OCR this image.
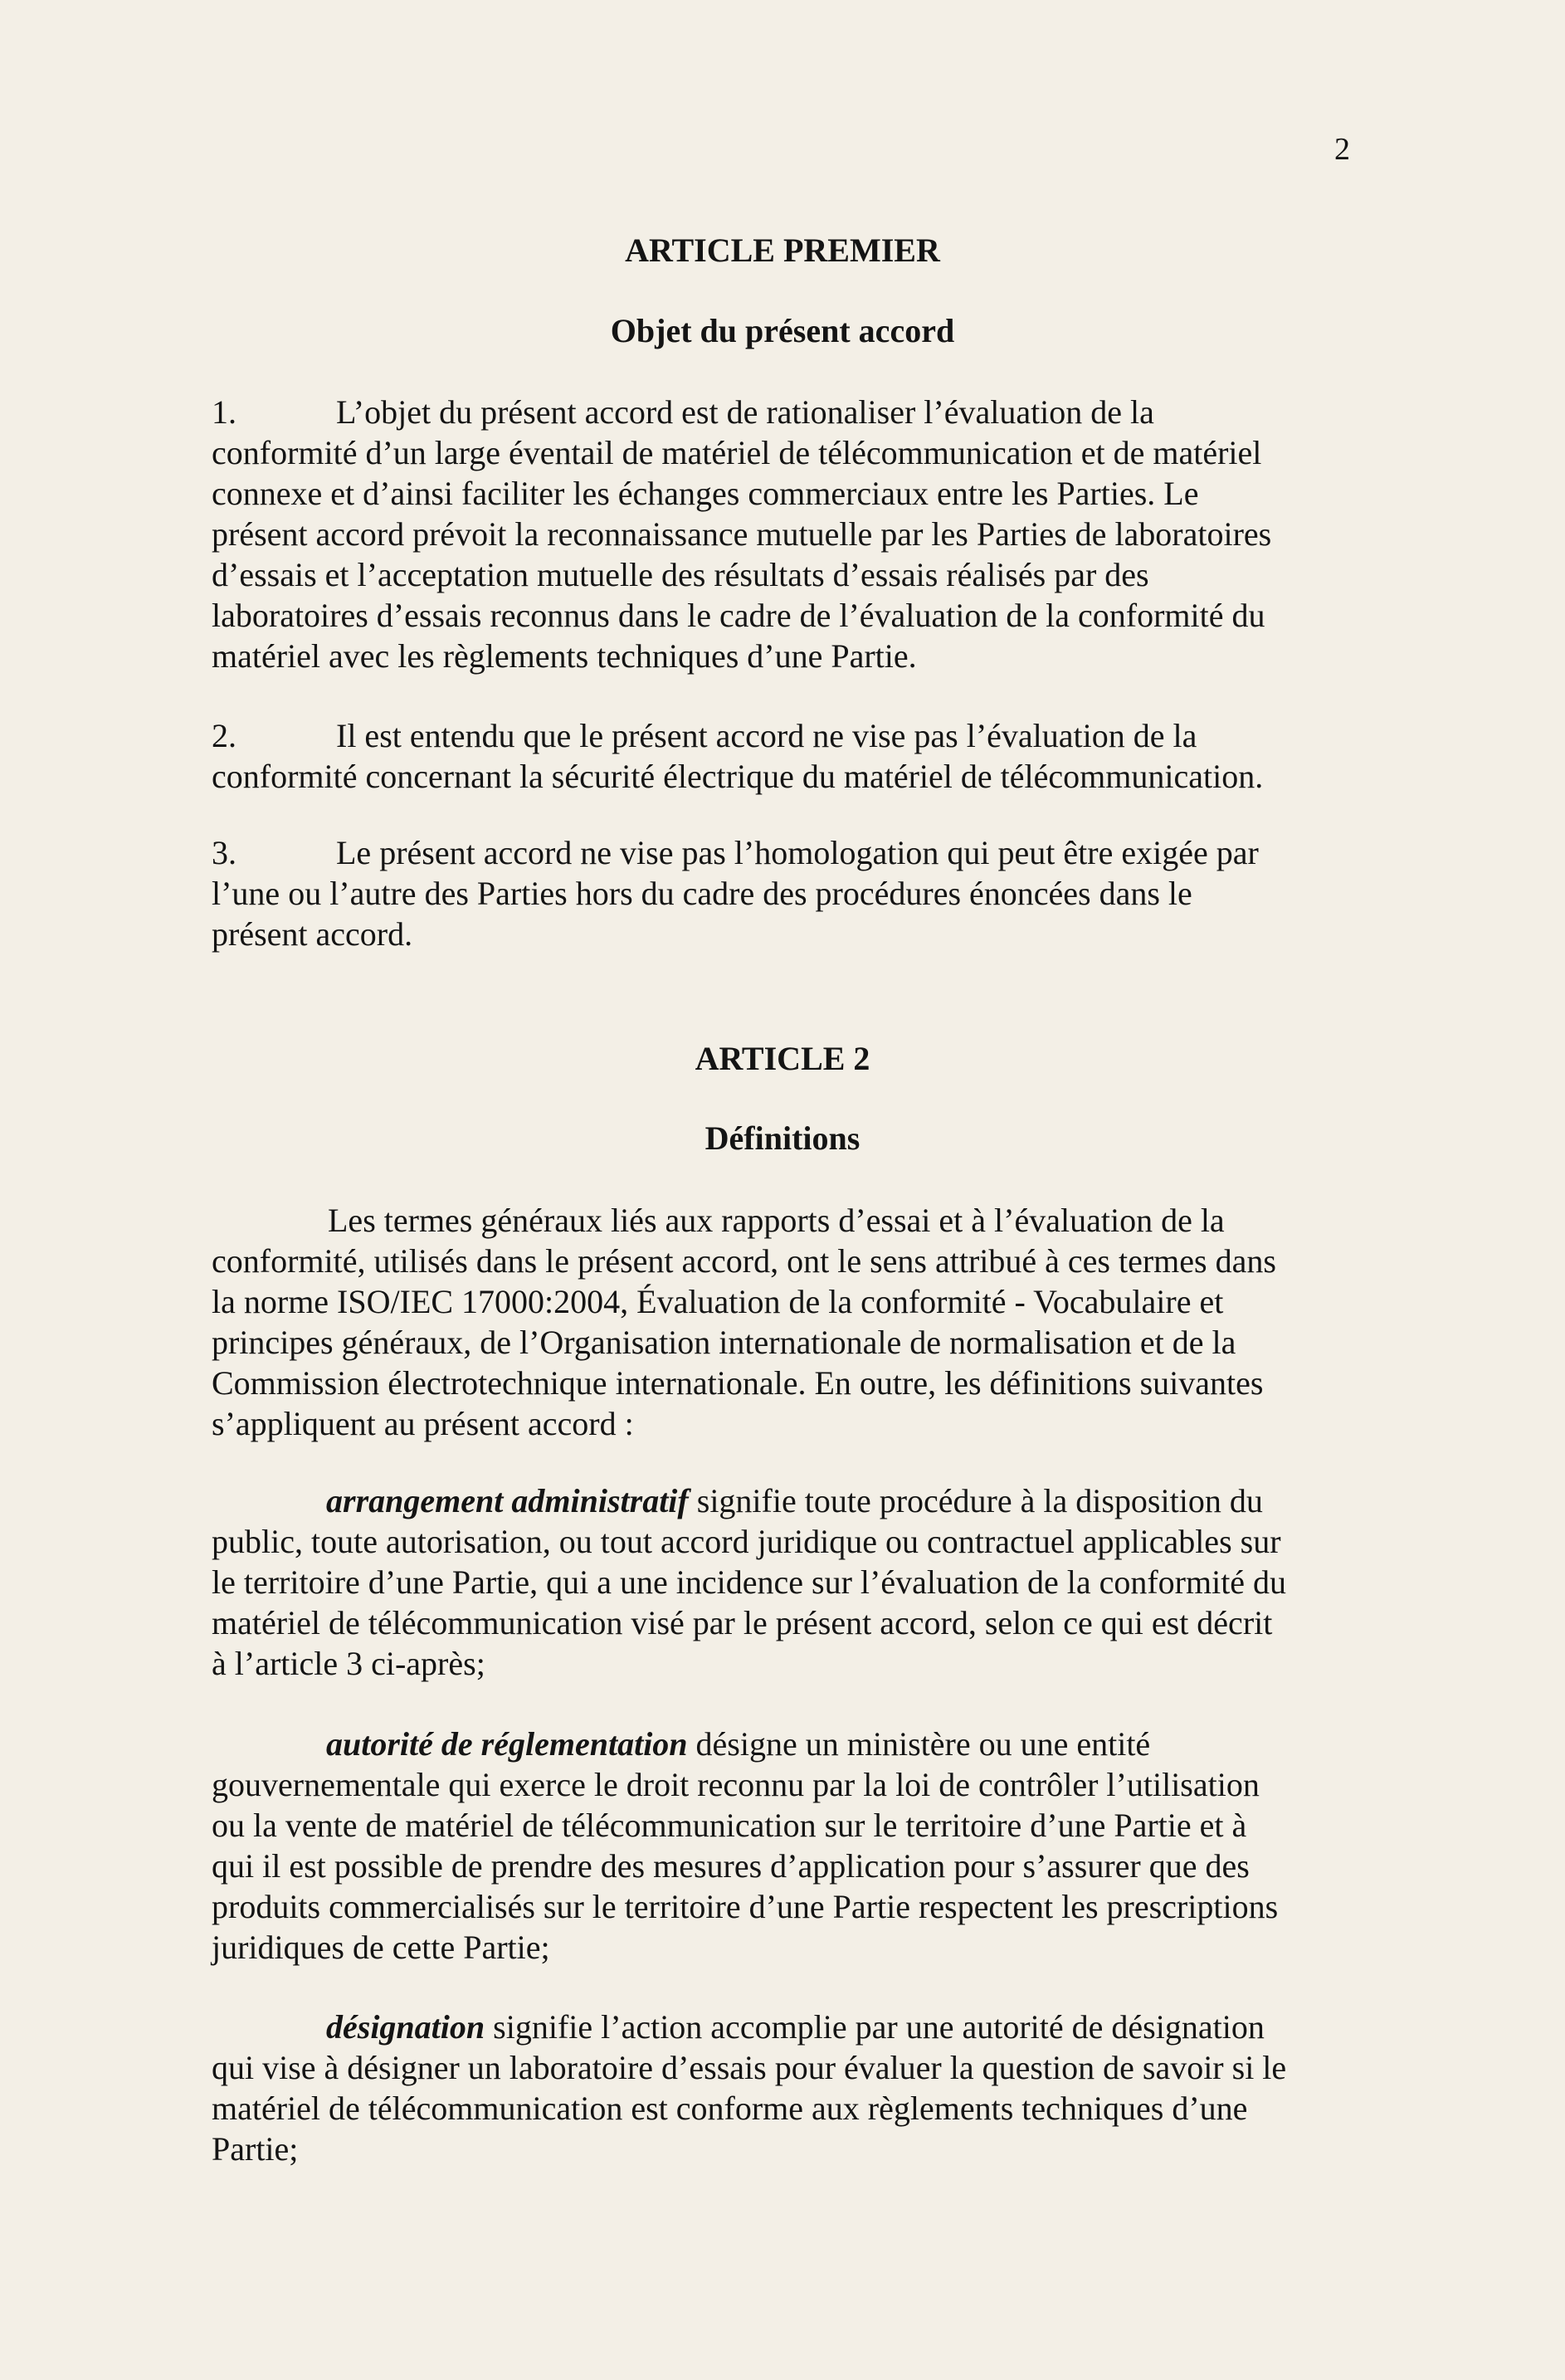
2
ARTICLE PREMIER
Objet du présent accord
1.	L’objet du présent accord est de rationaliser l’évaluation de la
conformité d’un large éventail de matériel de télécommunication et de matériel
connexe et d’ainsi faciliter les échanges commerciaux entre les Parties. Le
présent accord prévoit la reconnaissance mutuelle par les Parties de laboratoires
d’essais et l’acceptation mutuelle des résultats d’essais réalisés par des
laboratoires d’essais reconnus dans le cadre de l’évaluation de la conformité du
matériel avec les règlements techniques d’une Partie.
2.	Il est entendu que le présent accord ne vise pas l’évaluation de la
conformité concernant la sécurité électrique du matériel de télécommunication.
3.	Le présent accord ne vise pas l’homologation qui peut être exigée par
l’une ou l’autre des Parties hors du cadre des procédures énoncées dans le
présent accord.
ARTICLE 2
Définitions
Les termes généraux liés aux rapports d’essai et à l’évaluation de la
conformité, utilisés dans le présent accord, ont le sens attribué à ces termes dans
la norme ISO/IEC 17000:2004, Évaluation de la conformité - Vocabulaire et
principes généraux, de l’Organisation internationale de normalisation et de la
Commission électrotechnique internationale. En outre, les définitions suivantes
s’appliquent au présent accord :
arrangement administratif signifie toute procédure à la disposition du
public, toute autorisation, ou tout accord juridique ou contractuel applicables sur
le territoire d’une Partie, qui a une incidence sur l’évaluation de la conformité du
matériel de télécommunication visé par le présent accord, selon ce qui est décrit
à l’article 3 ci-après;
autorité de réglementation désigne un ministère ou une entité
gouvernementale qui exerce le droit reconnu par la loi de contrôler l’utilisation
ou la vente de matériel de télécommunication sur le territoire d’une Partie et à
qui il est possible de prendre des mesures d’application pour s’assurer que des
produits commercialisés sur le territoire d’une Partie respectent les prescriptions
juridiques de cette Partie;
désignation signifie l’action accomplie par une autorité de désignation
qui vise à désigner un laboratoire d’essais pour évaluer la question de savoir si le
matériel de télécommunication est conforme aux règlements techniques d’une
Partie;
